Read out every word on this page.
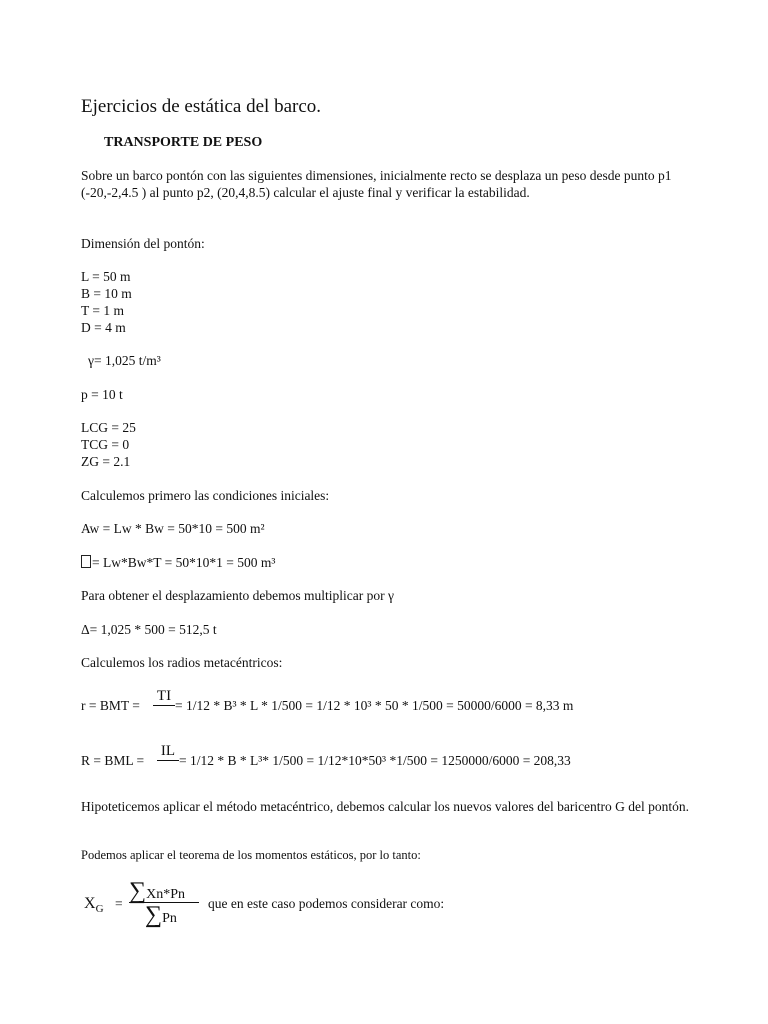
Ejercicios de estática del barco.
TRANSPORTE DE PESO
Sobre un barco pontón con las siguientes dimensiones, inicialmente recto se desplaza un peso desde punto p1 (-20,-2,4.5 ) al punto p2, (20,4,8.5) calcular el ajuste final y verificar la estabilidad.
Dimensión del pontón:
L = 50 m
B = 10 m
T = 1 m
D = 4 m
γ= 1,025 t/m³
p = 10 t
LCG = 25
TCG = 0
ZG = 2.1
Calculemos primero las condiciones iniciales:
Aw = Lw * Bw = 50*10 = 500 m²
= Lw*Bw*T = 50*10*1 = 500 m³
Para obtener el desplazamiento debemos multiplicar por γ
Δ= 1,025 * 500 = 512,5 t
Calculemos los radios metacéntricos:
r = BMT =
TI
= 1/12 * B³ * L * 1/500 = 1/12 * 10³ * 50 * 1/500 = 50000/6000 = 8,33 m
R = BML =
IL
= 1/12 * B * L³* 1/500 = 1/12*10*50³ *1/500 = 1250000/6000 = 208,33
Hipoteticemos aplicar el método metacéntrico, debemos calcular los nuevos valores del baricentro G del pontón.
Podemos aplicar el teorema de los momentos estáticos, por lo tanto:
$X_G = \sum Xn*Pn$
∑Pn
que en este caso podemos considerar como:
